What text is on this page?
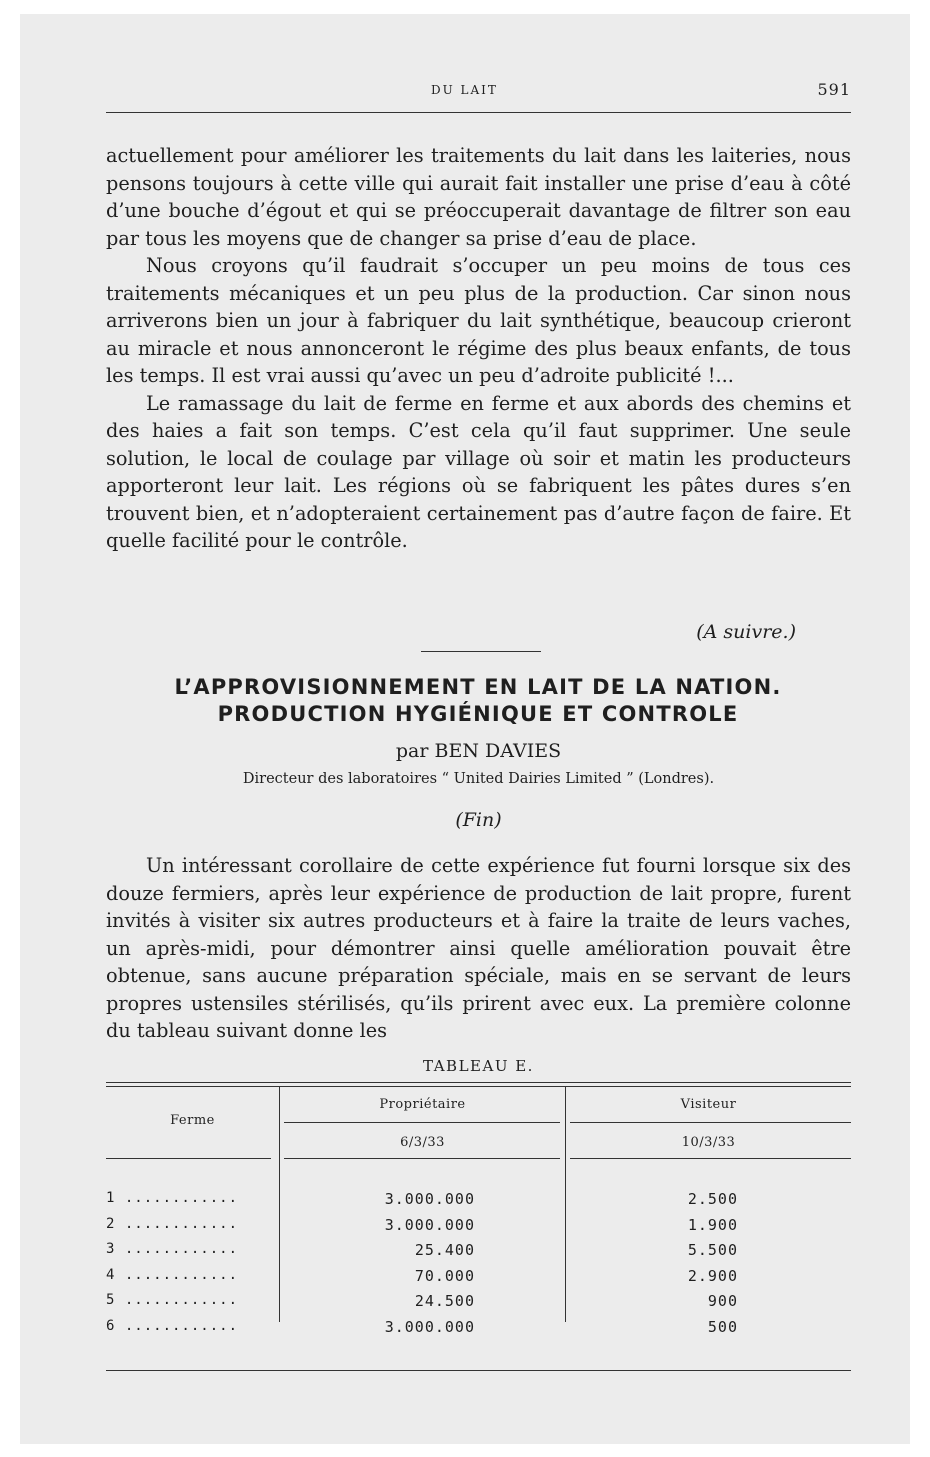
DU LAIT	591

actuellement pour améliorer les traitements du lait dans les laiteries, nous pensons toujours à cette ville qui aurait fait installer une prise d’eau à côté d’une bouche d’égout et qui se préoccuperait davantage de filtrer son eau par tous les moyens que de changer sa prise d’eau de place.

Nous croyons qu’il faudrait s’occuper un peu moins de tous ces traitements mécaniques et un peu plus de la production. Car sinon nous arriverons bien un jour à fabriquer du lait synthétique, beaucoup crieront au miracle et nous annonceront le régime des plus beaux enfants, de tous les temps. Il est vrai aussi qu’avec un peu d’adroite publicité !...

Le ramassage du lait de ferme en ferme et aux abords des chemins et des haies a fait son temps. C’est cela qu’il faut supprimer. Une seule solution, le local de coulage par village où soir et matin les producteurs apporteront leur lait. Les régions où se fabriquent les pâtes dures s’en trouvent bien, et n’adopteraient certainement pas d’autre façon de faire. Et quelle facilité pour le contrôle.

(A suivre.)
L’APPROVISIONNEMENT EN LAIT DE LA NATION.
PRODUCTION HYGIÉNIQUE ET CONTROLE
par BEN DAVIES
Directeur des laboratoires “ United Dairies Limited ” (Londres).
(Fin)

Un intéressant corollaire de cette expérience fut fourni lorsque six des douze fermiers, après leur expérience de production de lait propre, furent invités à visiter six autres producteurs et à faire la traite de leurs vaches, un après-midi, pour démontrer ainsi quelle amélioration pouvait être obtenue, sans aucune préparation spéciale, mais en se servant de leurs propres ustensiles stérilisés, qu’ils prirent avec eux. La première colonne du tableau suivant donne les

TABLEAU E.
Ferme
Propriétaire	Visiteur
6/3/33	10/3/33
1 ............	3.000.000	2.500
2 ............	3.000.000	1.900
3 ............	25.400	5.500
4 ............	70.000	2.900
5 ............	24.500	900
6 ............	3.000.000	500
